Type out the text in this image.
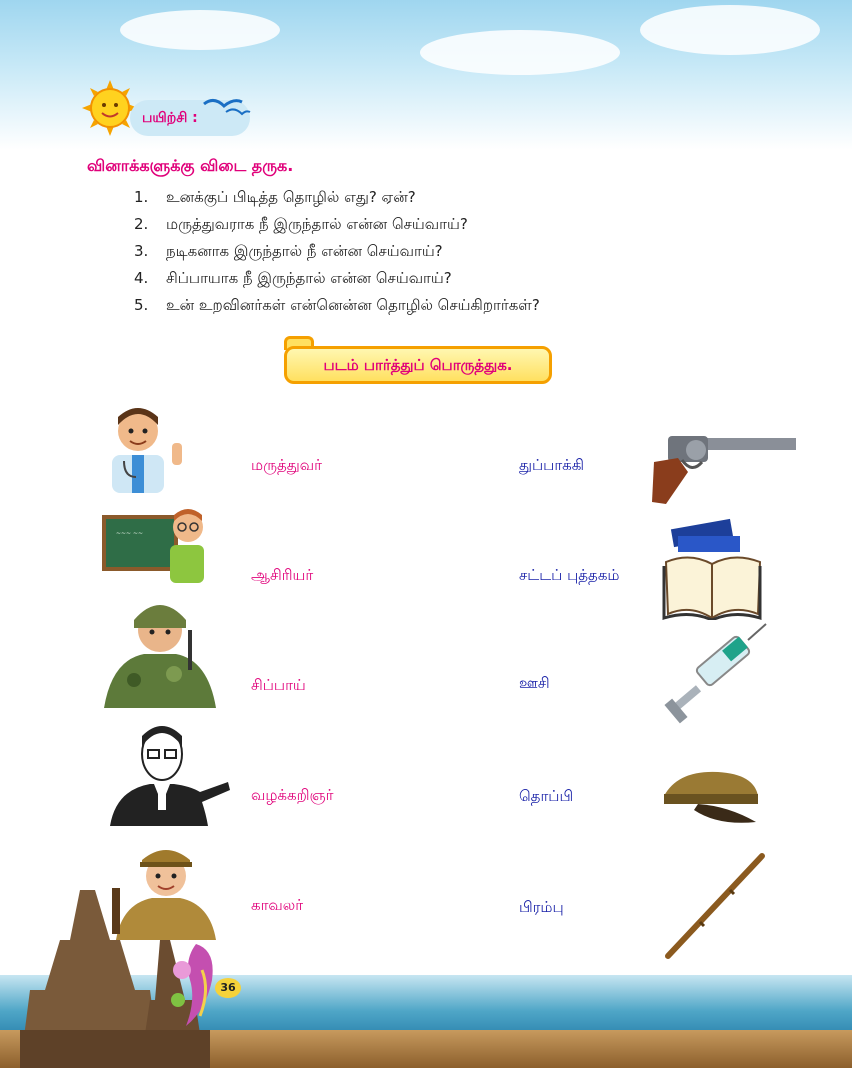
பயிற்சி :
வினாக்களுக்கு விடை தருக.
1. உனக்குப் பிடித்த தொழில் எது? ஏன்?
2. மருத்துவராக நீ இருந்தால் என்ன செய்வாய்?
3. நடிகனாக இருந்தால் நீ என்ன செய்வாய்?
4. சிப்பாயாக நீ இருந்தால் என்ன செய்வாய்?
5. உன் உறவினர்கள் என்னென்ன தொழில் செய்கிறார்கள்?
படம் பார்த்துப் பொருத்துக.
~~~ ~~
மருத்துவர்
ஆசிரியர்
சிப்பாய்
வழக்கறிஞர்
காவலர்
துப்பாக்கி
சட்டப் புத்தகம்
ஊசி
தொப்பி
பிரம்பு
36
